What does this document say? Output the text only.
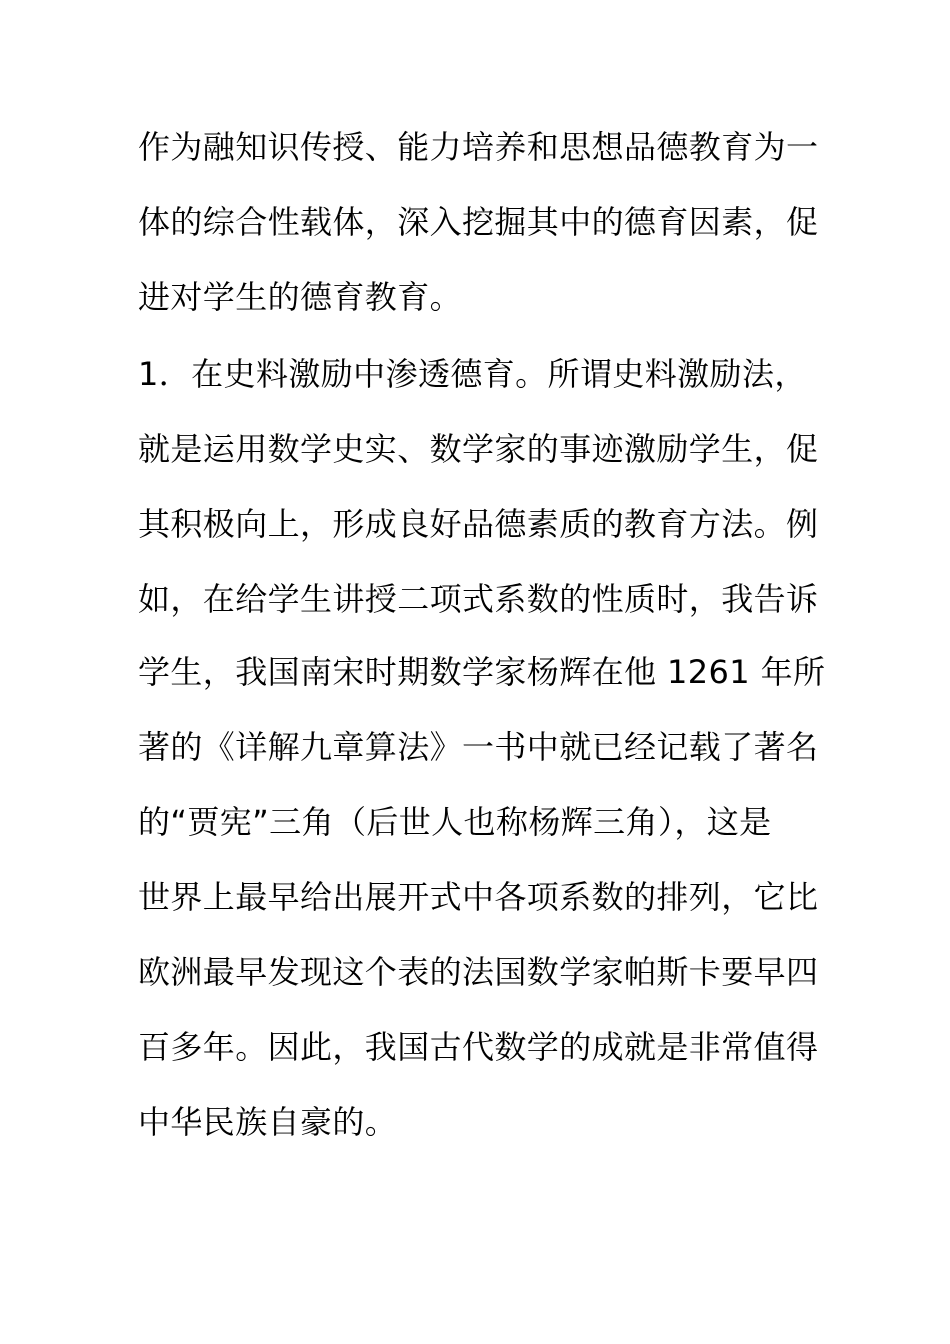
作为融知识传授、能力培养和思想品德教育为一
体的综合性载体，深入挖掘其中的德育因素，促
进对学生的德育教育。
1．在史料激励中渗透德育。所谓史料激励法，
就是运用数学史实、数学家的事迹激励学生，促
其积极向上，形成良好品德素质的教育方法。例
如，在给学生讲授二项式系数的性质时，我告诉
学生，我国南宋时期数学家杨辉在他 1261 年所
著的《详解九章算法》一书中就已经记载了著名
的“贾宪”三角（后世人也称杨辉三角），这是
世界上最早给出展开式中各项系数的排列，它比
欧洲最早发现这个表的法国数学家帕斯卡要早四
百多年。因此，我国古代数学的成就是非常值得
中华民族自豪的。
